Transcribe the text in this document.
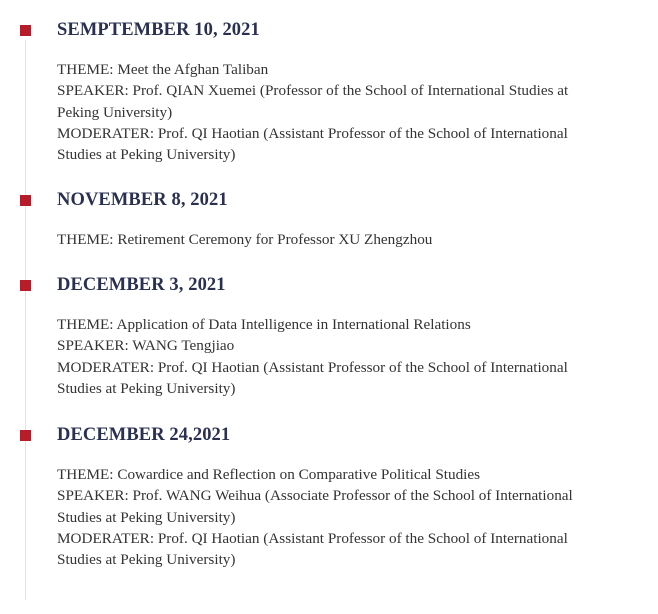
SEMPTEMBER 10, 2021
THEME: Meet the Afghan Taliban
SPEAKER: Prof. QIAN Xuemei (Professor of the School of International Studies at
Peking University)
MODERATER: Prof. QI Haotian (Assistant Professor of the School of International
Studies at Peking University)
NOVEMBER 8, 2021
THEME: Retirement Ceremony for Professor XU Zhengzhou
DECEMBER 3, 2021
THEME: Application of Data Intelligence in International Relations
SPEAKER: WANG Tengjiao
MODERATER: Prof. QI Haotian (Assistant Professor of the School of International
Studies at Peking University)
DECEMBER 24,2021
THEME: Cowardice and Reflection on Comparative Political Studies
SPEAKER: Prof. WANG Weihua (Associate Professor of the School of International
Studies at Peking University)
MODERATER: Prof. QI Haotian (Assistant Professor of the School of International
Studies at Peking University)
